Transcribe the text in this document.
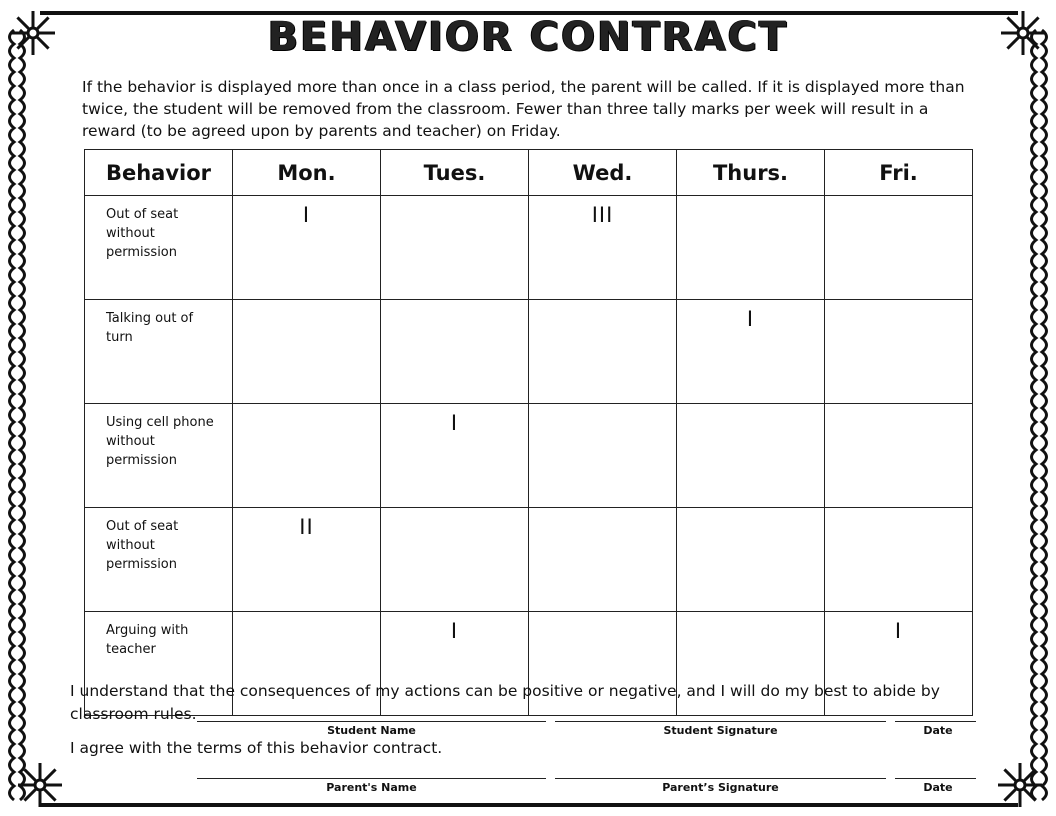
BEHAVIOR CONTRACT
If the behavior is displayed more than once in a class period, the parent will be called. If it is displayed more than twice, the student will be removed from the classroom. Fewer than three tally marks per week will result in a reward (to be agreed upon by parents and teacher) on Friday.
Behavior	Mon.	Tues.	Wed.	Thurs.	Fri.
Out of seat without permission	I		III		
Talking out of turn				I	
Using cell phone without permission		I			
Out of seat without permission	II				
Arguing with teacher		I			I
I understand that the consequences of my actions can be positive or negative, and I will do my best to abide by
classroom rules.
Student Name	Student Signature	Date
I agree with the terms of this behavior contract.
Parent's Name	Parent’s Signature	Date
